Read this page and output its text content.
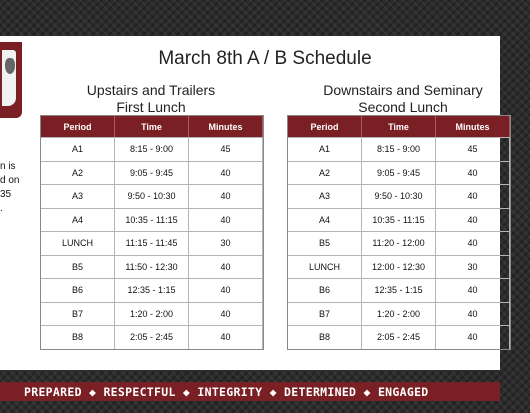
n is
d on
35
.
March 8th A / B Schedule
Upstairs and Trailers
First Lunch
Downstairs and Seminary
Second Lunch
Period	Time	Minutes
A1	8:15 - 9:00	45
A2	9:05 - 9:45	40
A3	9:50 - 10:30	40
A4	10:35 - 11:15	40
LUNCH	11:15 - 11:45	30
B5	11:50 - 12:30	40
B6	12:35 - 1:15	40
B7	1:20 - 2:00	40
B8	2:05 - 2:45	40
Period	Time	Minutes
A1	8:15 - 9:00	45
A2	9:05 - 9:45	40
A3	9:50 - 10:30	40
A4	10:35 - 11:15	40
B5	11:20 - 12:00	40
LUNCH	12:00 - 12:30	30
B6	12:35 - 1:15	40
B7	1:20 - 2:00	40
B8	2:05 - 2:45	40
PREPARED ◆ RESPECTFUL ◆ INTEGRITY ◆ DETERMINED ◆ ENGAGED
